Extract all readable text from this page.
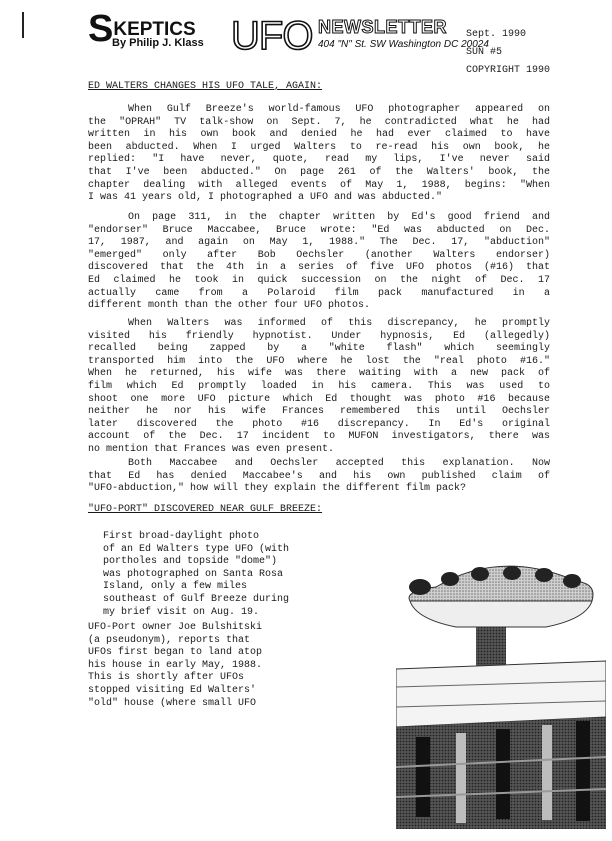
SKEPTICS
By Philip J. Klass UFO NEWSLETTER
404 "N" St. SW Washington DC 20024
Sept. 1990
SUN #5
COPYRIGHT 1990
ED WALTERS CHANGES HIS UFO TALE, AGAIN:
When Gulf Breeze's world-famous UFO photographer appeared on
the "OPRAH" TV talk-show on Sept. 7, he contradicted what he had
written in his own book and denied he had ever claimed to have
been abducted. When I urged Walters to re-read his own book, he
replied: "I have never, quote, read my lips, I've never said
that I've been abducted." On page 261 of the Walters' book, the
chapter dealing with alleged events of May 1, 1988, begins: "When
I was 41 years old, I photographed a UFO and was abducted."
On page 311, in the chapter written by Ed's good friend and
"endorser" Bruce Maccabee, Bruce wrote: "Ed was abducted on Dec.
17, 1987, and again on May 1, 1988." The Dec. 17, "abduction"
"emerged" only after Bob Oechsler (another Walters endorser)
discovered that the 4th in a series of five UFO photos (#16) that
Ed claimed he took in quick succession on the night of Dec. 17
actually came from a Polaroid film pack manufactured in a
different month than the other four UFO photos.
When Walters was informed of this discrepancy, he promptly
visited his friendly hypnotist. Under hypnosis, Ed (allegedly)
recalled being zapped by a "white flash" which seemingly
transported him into the UFO where he lost the "real photo #16."
When he returned, his wife was there waiting with a new pack of
film which Ed promptly loaded in his camera. This was used to
shoot one more UFO picture which Ed thought was photo #16 because
neither he nor his wife Frances remembered this until Oechsler
later discovered the photo #16 discrepancy. In Ed's original
account of the Dec. 17 incident to MUFON investigators, there was
no mention that Frances was even present.
Both Maccabee and Oechsler accepted this explanation. Now
that Ed has denied Maccabee's and his own published claim of
"UFO-abduction," how will they explain the different film pack?
"UFO-PORT" DISCOVERED NEAR GULF BREEZE:
First broad-daylight photo
of an Ed Walters type UFO (with
portholes and topside "dome")
was photographed on Santa Rosa
Island, only a few miles
southeast of Gulf Breeze during
my brief visit on Aug. 19.
UFO-Port owner Joe Bulshitski
(a pseudonym), reports that
UFOs first began to land atop
his house in early May, 1988.
This is shortly after UFOs
stopped visiting Ed Walters'
"old" house (where small UFO
